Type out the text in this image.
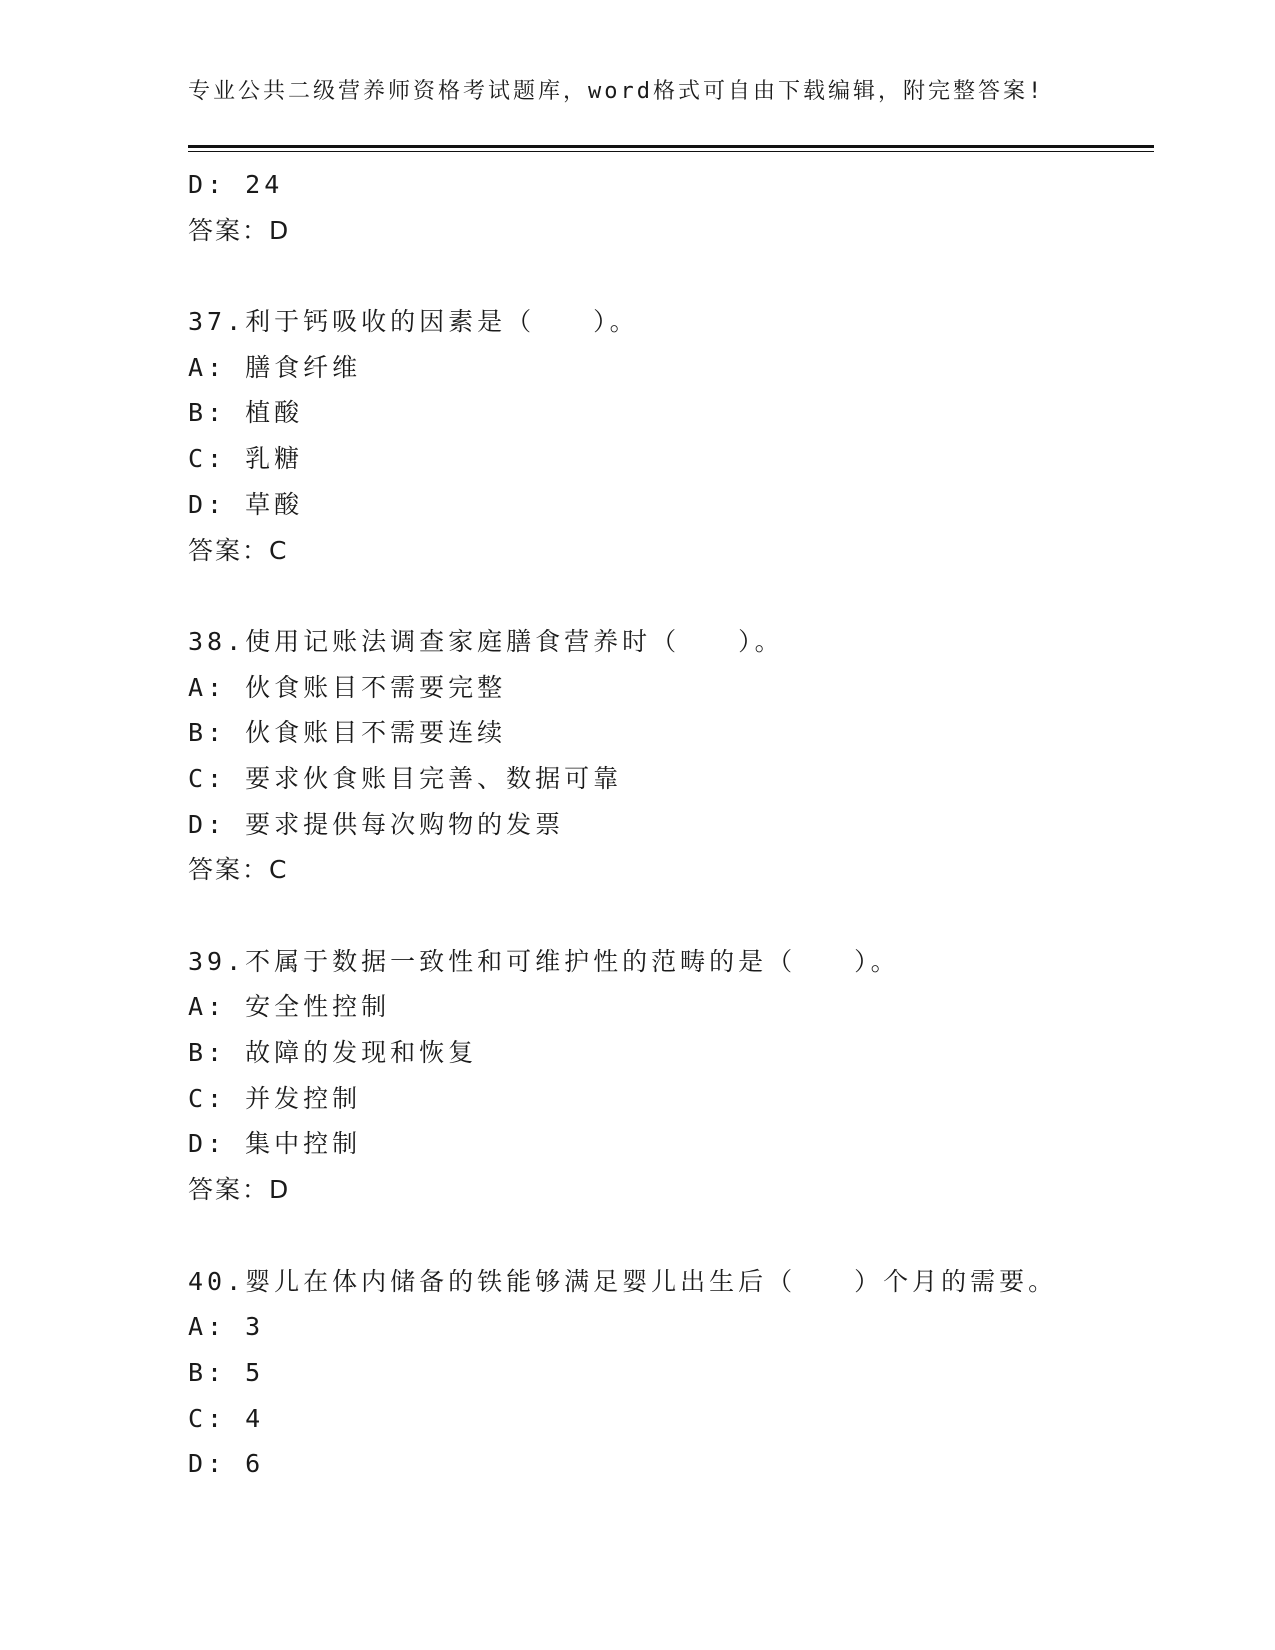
专业公共二级营养师资格考试题库，word格式可自由下载编辑，附完整答案!
D: 24
答案：D
37.利于钙吸收的因素是（　　）。
A: 膳食纤维
B: 植酸
C: 乳糖
D: 草酸
答案：C
38.使用记账法调查家庭膳食营养时（　　）。
A: 伙食账目不需要完整
B: 伙食账目不需要连续
C: 要求伙食账目完善、数据可靠
D: 要求提供每次购物的发票
答案：C
39.不属于数据一致性和可维护性的范畴的是（　　）。
A: 安全性控制
B: 故障的发现和恢复
C: 并发控制
D: 集中控制
答案：D
40.婴儿在体内储备的铁能够满足婴儿出生后（　　）个月的需要。
A: 3
B: 5
C: 4
D: 6
